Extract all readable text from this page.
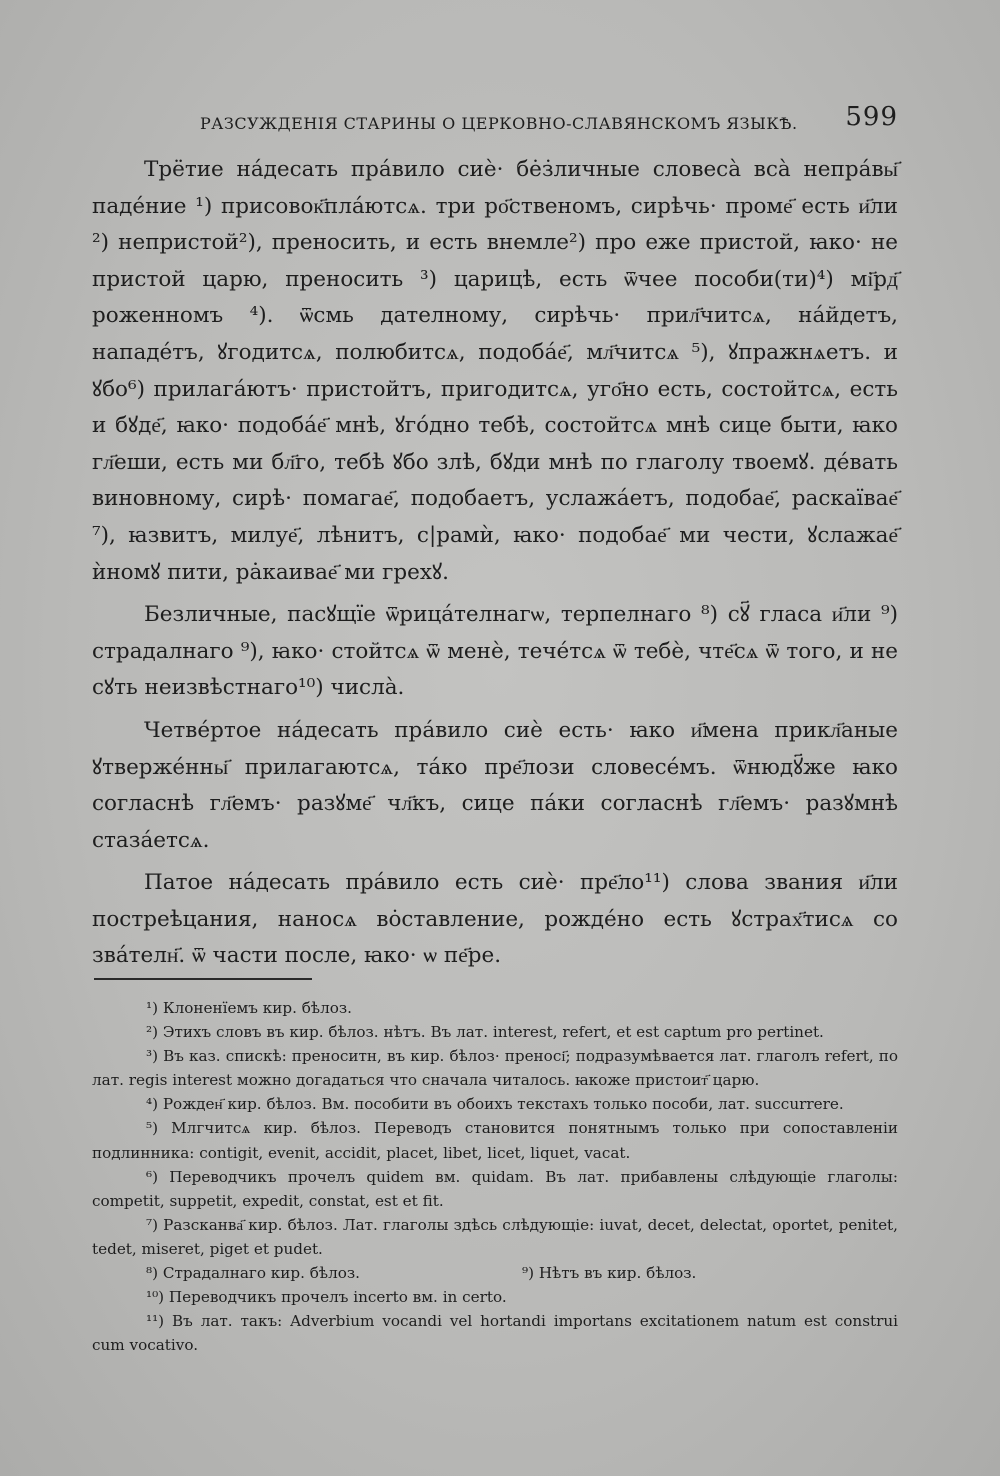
РАЗСУЖДЕНІЯ СТАРИНЫ О ЦЕРКОВНО-СЛАВЯНСКОМЪ ЯЗЫКѢ. 599

Трётие нáдесать прáвило сиè· бе̇з̇личные словесà всà непрáвы҃ падéние ¹) присовок҃плáютсѧ. три ро҃ственомъ, сирѣчь· проме҃ есть и҃ли ²) непристой²), преносить, и есть внемле²) про еже пристой, ꙗко· не пристой царю, преносить ³) царицѣ, есть ѿчее пособи(ти)⁴) мі҃рд҃ роженномъ ⁴). ѿсмь дателному, сирѣчь· прил҃читсѧ, нáйдетъ, нападéтъ, ꙋгодитсѧ, полюбитсѧ, подобáе҃, мл҃читсѧ ⁵), ꙋпражнѧетъ. и ꙋбо⁶) прилагáютъ· пристойтъ, пригодитсѧ, уго҃но есть, состойтсѧ, есть и бꙋде҃, ꙗко· подобáе҃ мнѣ, ꙋгóдно тебѣ, состойтсѧ мнѣ сице быти, ꙗко гл҃еши, есть ми бл҃го, тебѣ ꙋбо злѣ, бꙋди мнѣ по глаголу твоемꙋ. дéвать виновному, сирѣ· помагае҃, подобаетъ, услажáетъ, подобае҃, раскаївае҃ ⁷), ꙗзвитъ, милуе҃, лѣнитъ, с|рамѝ, ꙗко· подобае҃ ми чести, ꙋслажае҃ ѝномꙋ пити, ра̇̇каивае҃ ми грехꙋ.

Безличные, пасꙋщїе ѿрицáтелнагѡ, терпелнаго ⁸) сꙋ҃ гласа и҃ли ⁹) страдалнаго ⁹), ꙗко· стойтсѧ ѿ менè, течéтсѧ ѿ тебè, чте҃сѧ ѿ того, и не сꙋть неизвѣстнаго¹⁰) числà.

Четвéртое нáдесать прáвило сиè есть· ꙗко и҃мена прикл҃аные ꙋтвержéнны҃ прилагаютсѧ, тáко пре҃лози словесéмъ. ѿнюдꙋ҃же ꙗко согласнѣ гл҃емъ· разꙋме҃ чл҃къ, сице пáки согласнѣ гл҃емъ· разꙋмнѣ стазáетсѧ.

Патое нáдесать прáвило есть сиè· пре҃ло¹¹) слова звания и҃ли постреѣцания, наносѧ во̇ставление, рождéно есть ꙋстрах҃тисѧ со звáтелн҃. ѿ части после, ꙗко· ѡ пе҃ре.

¹) Клоненїемъ кир. бѣлоз.

²) Этихъ словъ въ кир. бѣлоз. нѣтъ. Въ лат. interest, refert, et est captum pro pertinet.

³) Въ каз. спискѣ: преноситн, въ кир. бѣлоз· преносі҃; подразумѣвается лат. глаголъ refert, по лат. regis interest можно догадаться что сначала читалось. ꙗкоже пристоит҃ царю.

⁴) Рожден҃ кир. бѣлоз. Вм. пособити въ обоихъ текстахъ только пособи, лат. succurrere.

⁵) Млгчитсѧ кир. бѣлоз. Переводъ становится понятнымъ только при сопоставленіи подлинника: contigit, evenit, accidit, placet, libet, licet, liquet, vacat.

⁶) Переводчикъ прочелъ quidem вм. quidam. Въ лат. прибавлены слѣдующіе глаголы: competit, suppetit, expedit, constat, est et fit.

⁷) Разсканва҃ кир. бѣлоз. Лат. глаголы здѣсь слѣдующіе: iuvat, decet, delectat, oportet, penitet, tedet, miseret, piget et pudet.

⁸) Страдалнаго кир. бѣлоз.	⁹) Нѣтъ въ кир. бѣлоз.

¹⁰) Переводчикъ прочелъ incerto вм. in certo.

¹¹) Въ лат. такъ: Adverbium vocandi vel hortandi importans excitationem natum est construi cum vocativo.
